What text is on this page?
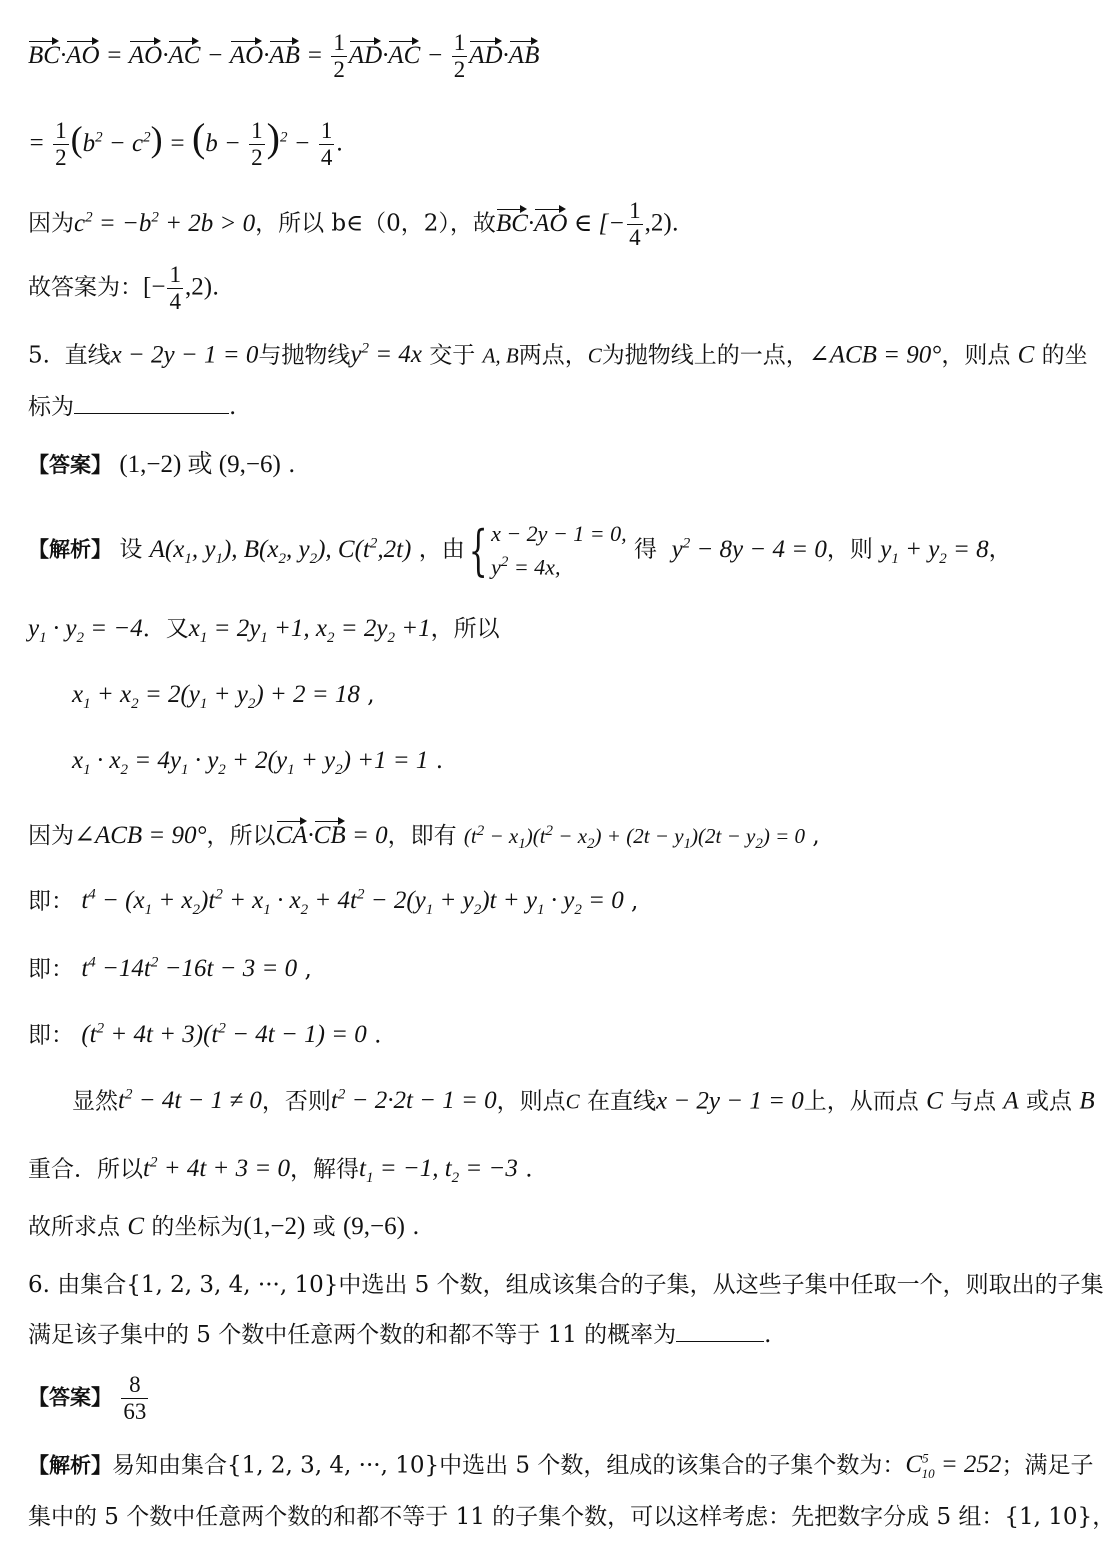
$BC\cdot AO = AO\cdot AC - AO\cdot AB = \frac{1}{2} AD\cdot AC - \frac{1}{2} AD\cdot AB$
= $\frac{1}{2} (b^2 - c^2) = (b - \frac{1}{2} )^2 - \frac{1}{4}$ .
因为$c^2 = -b^2 + 2b > 0$，所以 b∈（0，2），故BC·AO ∈ [− $\frac{1}{4} ,2$).
故答案为：[− $\frac{1}{4} ,2$).
5. 直线x − 2y − 1 = 0与抛物线$y^2 = 4x$ 交于 A, B两点，C为抛物线上的一点，∠ACB = 90°，则点 C 的坐
标为	.
【答案】 (1,−2) 或 (9,−6) .
【解析】 设 $A(x_1$, $y_1$), $B(x_2$, $y_2$), $C(t^2,2t)$ ，由{ x − 2y − 1 = 0,
$y^2 = 4x$, 得 $y^2 - 8y - 4 = 0$，则 $y_1 + y_2 = 8$，
$y_1 \cdot y_2 = -4$．又$x_1 = 2y_1 +1$, $x_2 = 2y_2 +1$，所以
$x_1 + x_2 = 2(y_1 + y_2) + 2 = 18$ ,
$x_1 \cdot x_2 = 4y_1 \cdot y_2 + 2(y_1 + y_2) +1 = 1$ .
因为∠ACB = 90°，所以CA·CB = 0，即有 $(t^2 - x_1)(t^2 - x_2) + (2t - y_1)(2t - y_2) = 0$ ,
即： $t^4 - (x_1 + x_2)t^2 + x_1 \cdot x_2 + 4t^2 - 2(y_1 + y_2)t + y_1 \cdot y_2 = 0$ ,
即： $t^4 -14t^2 -16t - 3 = 0$ ,
即： $(t^2 + 4t + 3)(t^2 - 4t - 1) = 0$ .
显然$t^2 - 4t - 1 \ne 0$，否则$t^2 - 2\cdot 2t - 1 = 0$，则点C 在直线x − 2y − 1 = 0上，从而点 C 与点 A 或点 B
重合．所以$t^2 + 4t + 3 = 0$，解得$t_1 = -1$, $t_2 = -3$ .
故所求点 C 的坐标为(1,−2) 或 (9,−6) .
6. 由集合{1, 2, 3, 4, ···, 10}中选出 5 个数，组成该集合的子集，从这些子集中任取一个，则取出的子集
满足该子集中的 5 个数中任意两个数的和都不等于 11 的概率为	.
【答案】 $\frac{8}{63}$
【解析】易知由集合{1, 2, 3, 4, ···, 10}中选出 5 个数，组成的该集合的子集个数为：$C^5_{10} = 252$；满足子
集中的 5 个数中任意两个数的和都不等于 11 的子集个数，可以这样考虑：先把数字分成 5 组：{1, 10}，
